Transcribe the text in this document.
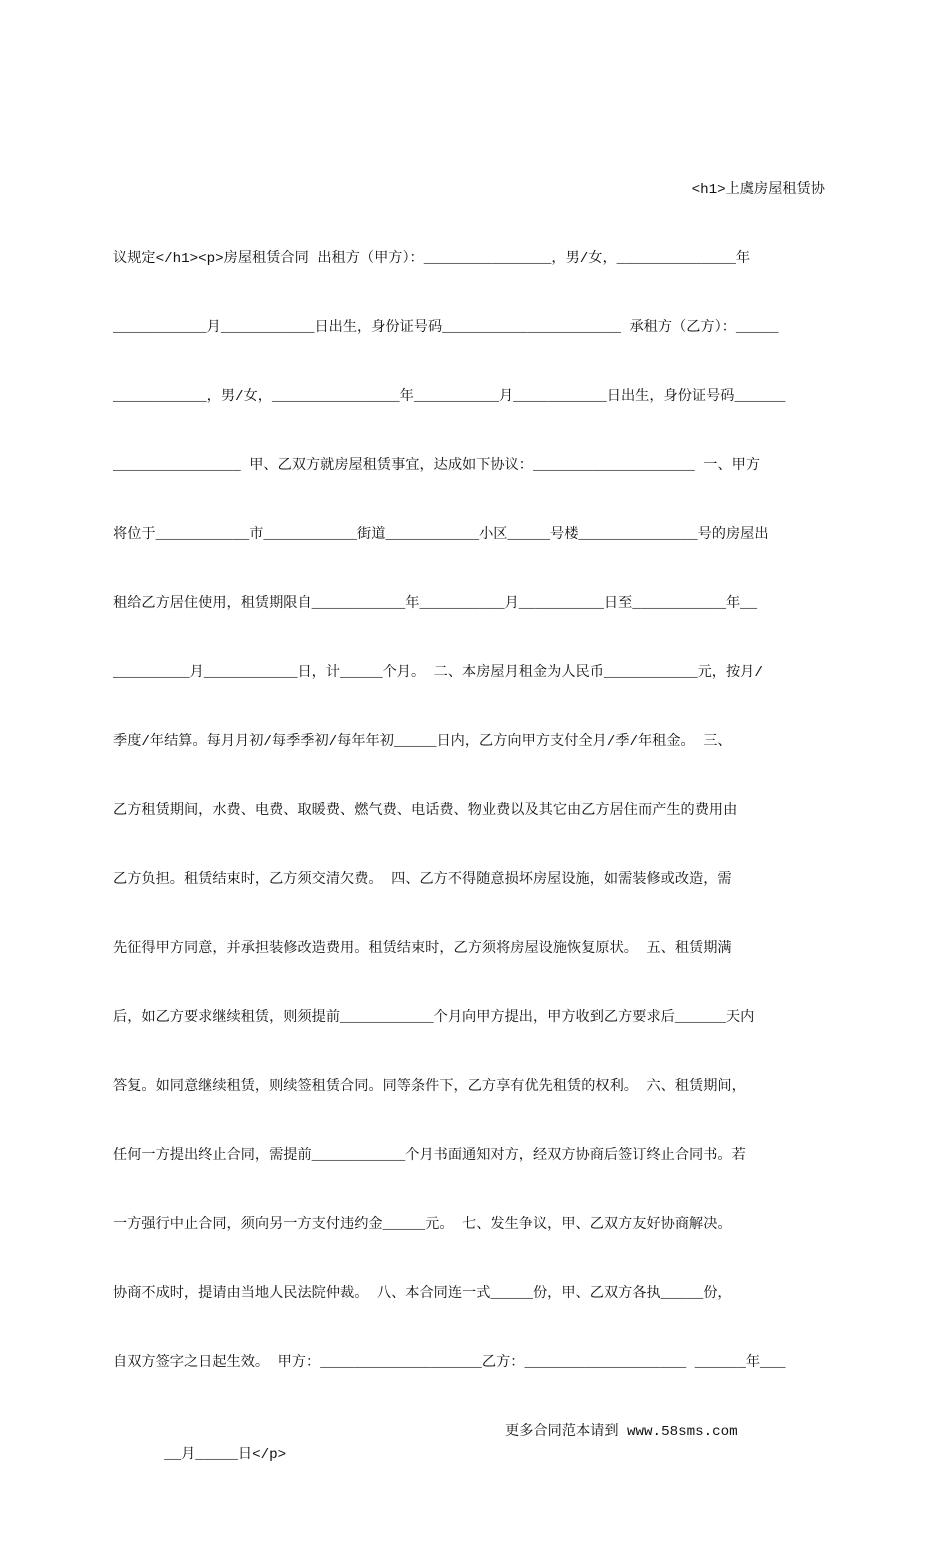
<h1>上虞房屋租赁协

议规定</h1><p>房屋租赁合同 出租方（甲方）：_______________，男/女，______________年

___________月___________日出生，身份证号码_____________________ 承租方（乙方）：_____

___________，男/女，_______________年__________月___________日出生，身份证号码______

_______________ 甲、乙双方就房屋租赁事宜，达成如下协议：___________________ 一、甲方

将位于___________市___________街道___________小区_____号楼______________号的房屋出

租给乙方居住使用，租赁期限自___________年__________月__________日至___________年__

_________月___________日，计_____个月。 二、本房屋月租金为人民币___________元，按月/

季度/年结算。每月月初/每季季初/每年年初_____日内，乙方向甲方支付全月/季/年租金。 三、

乙方租赁期间，水费、电费、取暖费、燃气费、电话费、物业费以及其它由乙方居住而产生的费用由

乙方负担。租赁结束时，乙方须交清欠费。 四、乙方不得随意损坏房屋设施，如需装修或改造，需

先征得甲方同意，并承担装修改造费用。租赁结束时，乙方须将房屋设施恢复原状。 五、租赁期满

后，如乙方要求继续租赁，则须提前___________个月向甲方提出，甲方收到乙方要求后______天内

答复。如同意继续租赁，则续签租赁合同。同等条件下，乙方享有优先租赁的权利。 六、租赁期间，

任何一方提出终止合同，需提前___________个月书面通知对方，经双方协商后签订终止合同书。若

一方强行中止合同，须向另一方支付违约金_____元。 七、发生争议，甲、乙双方友好协商解决。

协商不成时，提请由当地人民法院仲裁。 八、本合同连一式_____份，甲、乙双方各执_____份，

自双方签字之日起生效。 甲方：___________________乙方：___________________ ______年___

__月_____日</p>

更多合同范本请到 www.58sms.com
